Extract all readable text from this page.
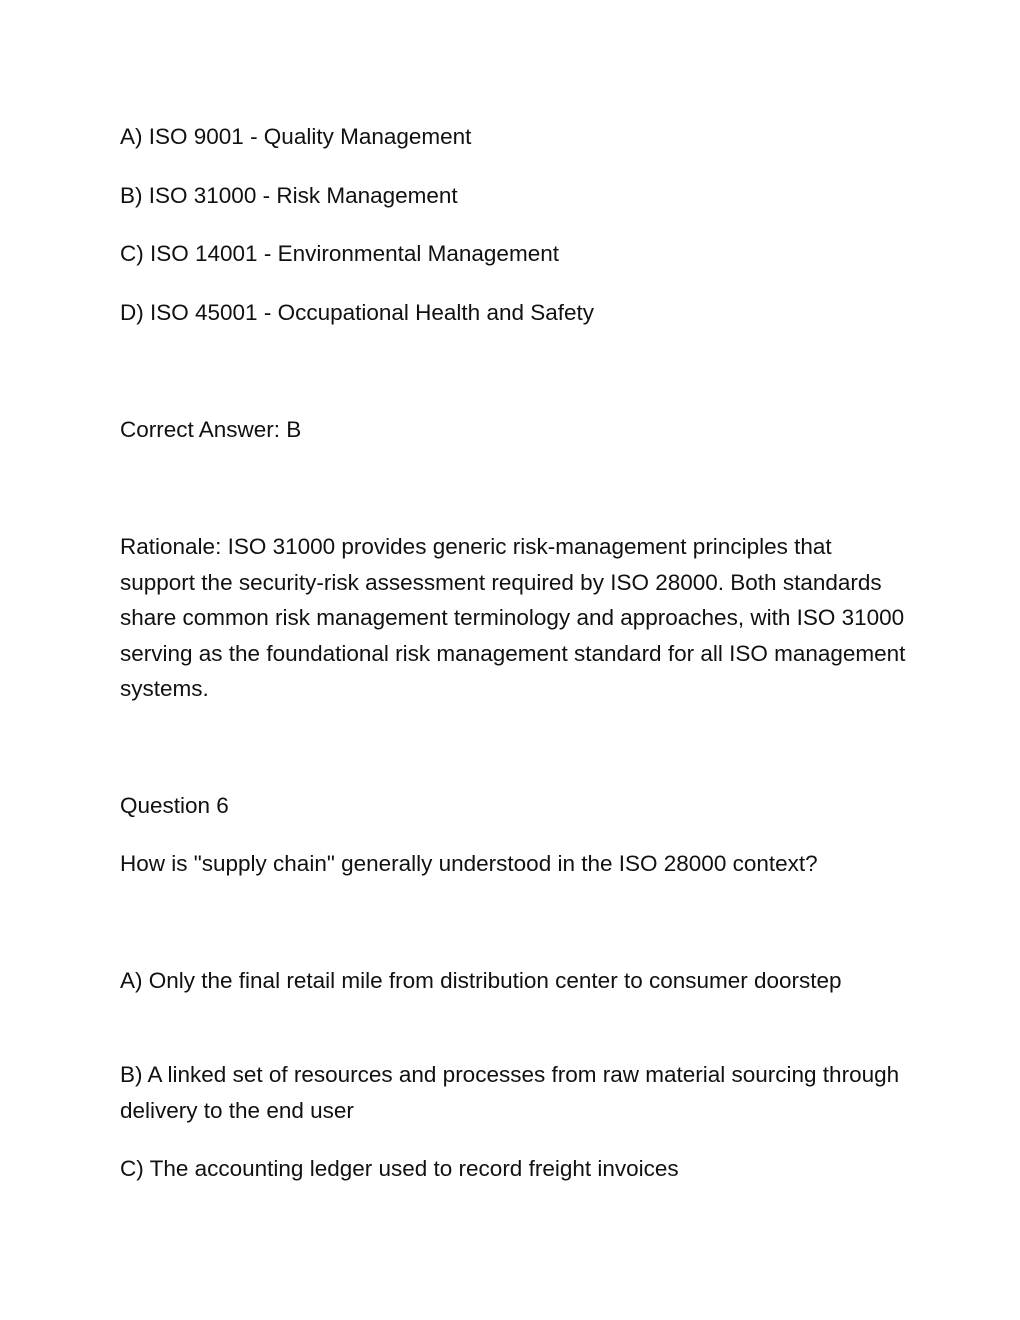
A) ISO 9001 - Quality Management
B) ISO 31000 - Risk Management
C) ISO 14001 - Environmental Management
D) ISO 45001 - Occupational Health and Safety
Correct Answer: B
Rationale: ISO 31000 provides generic risk-management principles that support the security-risk assessment required by ISO 28000. Both standards share common risk management terminology and approaches, with ISO 31000 serving as the foundational risk management standard for all ISO management systems.
Question 6
How is "supply chain" generally understood in the ISO 28000 context?
A) Only the final retail mile from distribution center to consumer doorstep
B) A linked set of resources and processes from raw material sourcing through delivery to the end user
C) The accounting ledger used to record freight invoices
